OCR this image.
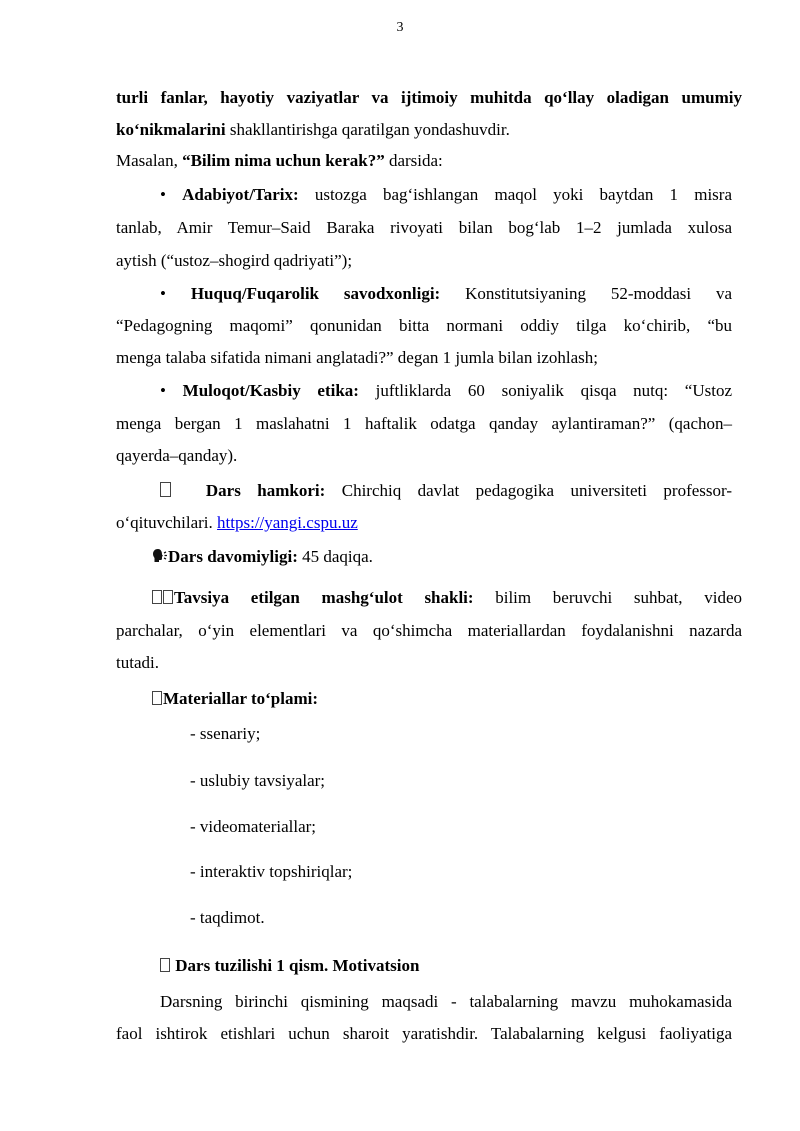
3
turli fanlar, hayotiy vaziyatlar va ijtimoiy muhitda qo‘llay oladigan umumiy
ko‘nikmalarini shakllantirishga qaratilgan yondashuvdir.
Masalan, “Bilim nima uchun kerak?” darsida:
• Adabiyot/Tarix: ustozga bag‘ishlangan maqol yoki baytdan 1 misra
tanlab, Amir Temur–Said Baraka rivoyati bilan bog‘lab 1–2 jumlada xulosa
aytish (“ustoz–shogird qadriyati”);
• Huquq/Fuqarolik savodxonligi: Konstitutsiyaning 52-moddasi va
“Pedagogning maqomi” qonunidan bitta normani oddiy tilga ko‘chirib, “bu
menga talaba sifatida nimani anglatadi?” degan 1 jumla bilan izohlash;
• Muloqot/Kasbiy etika: juftliklarda 60 soniyalik qisqa nutq: “Ustoz
menga bergan 1 maslahatni 1 haftalik odatga qanday aylantiraman?” (qachon–
qayerda–qanday).
Dars hamkori: Chirchiq davlat pedagogika universiteti professor-
o‘qituvchilari. https://yangi.cspu.uz
Dars davomiyligi: 45 daqiqa.
Tavsiya etilgan mashg‘ulot shakli: bilim beruvchi suhbat, video
parchalar, o‘yin elementlari va qo‘shimcha materiallardan foydalanishni nazarda
tutadi.
Materiallar to‘plami:
- ssenariy;
- uslubiy tavsiyalar;
- videomateriallar;
- interaktiv topshiriqlar;
- taqdimot.
Dars tuzilishi 1 qism. Motivatsion
Darsning birinchi qismining maqsadi - talabalarning mavzu muhokamasida
faol ishtirok etishlari uchun sharoit yaratishdir. Talabalarning kelgusi faoliyatiga
